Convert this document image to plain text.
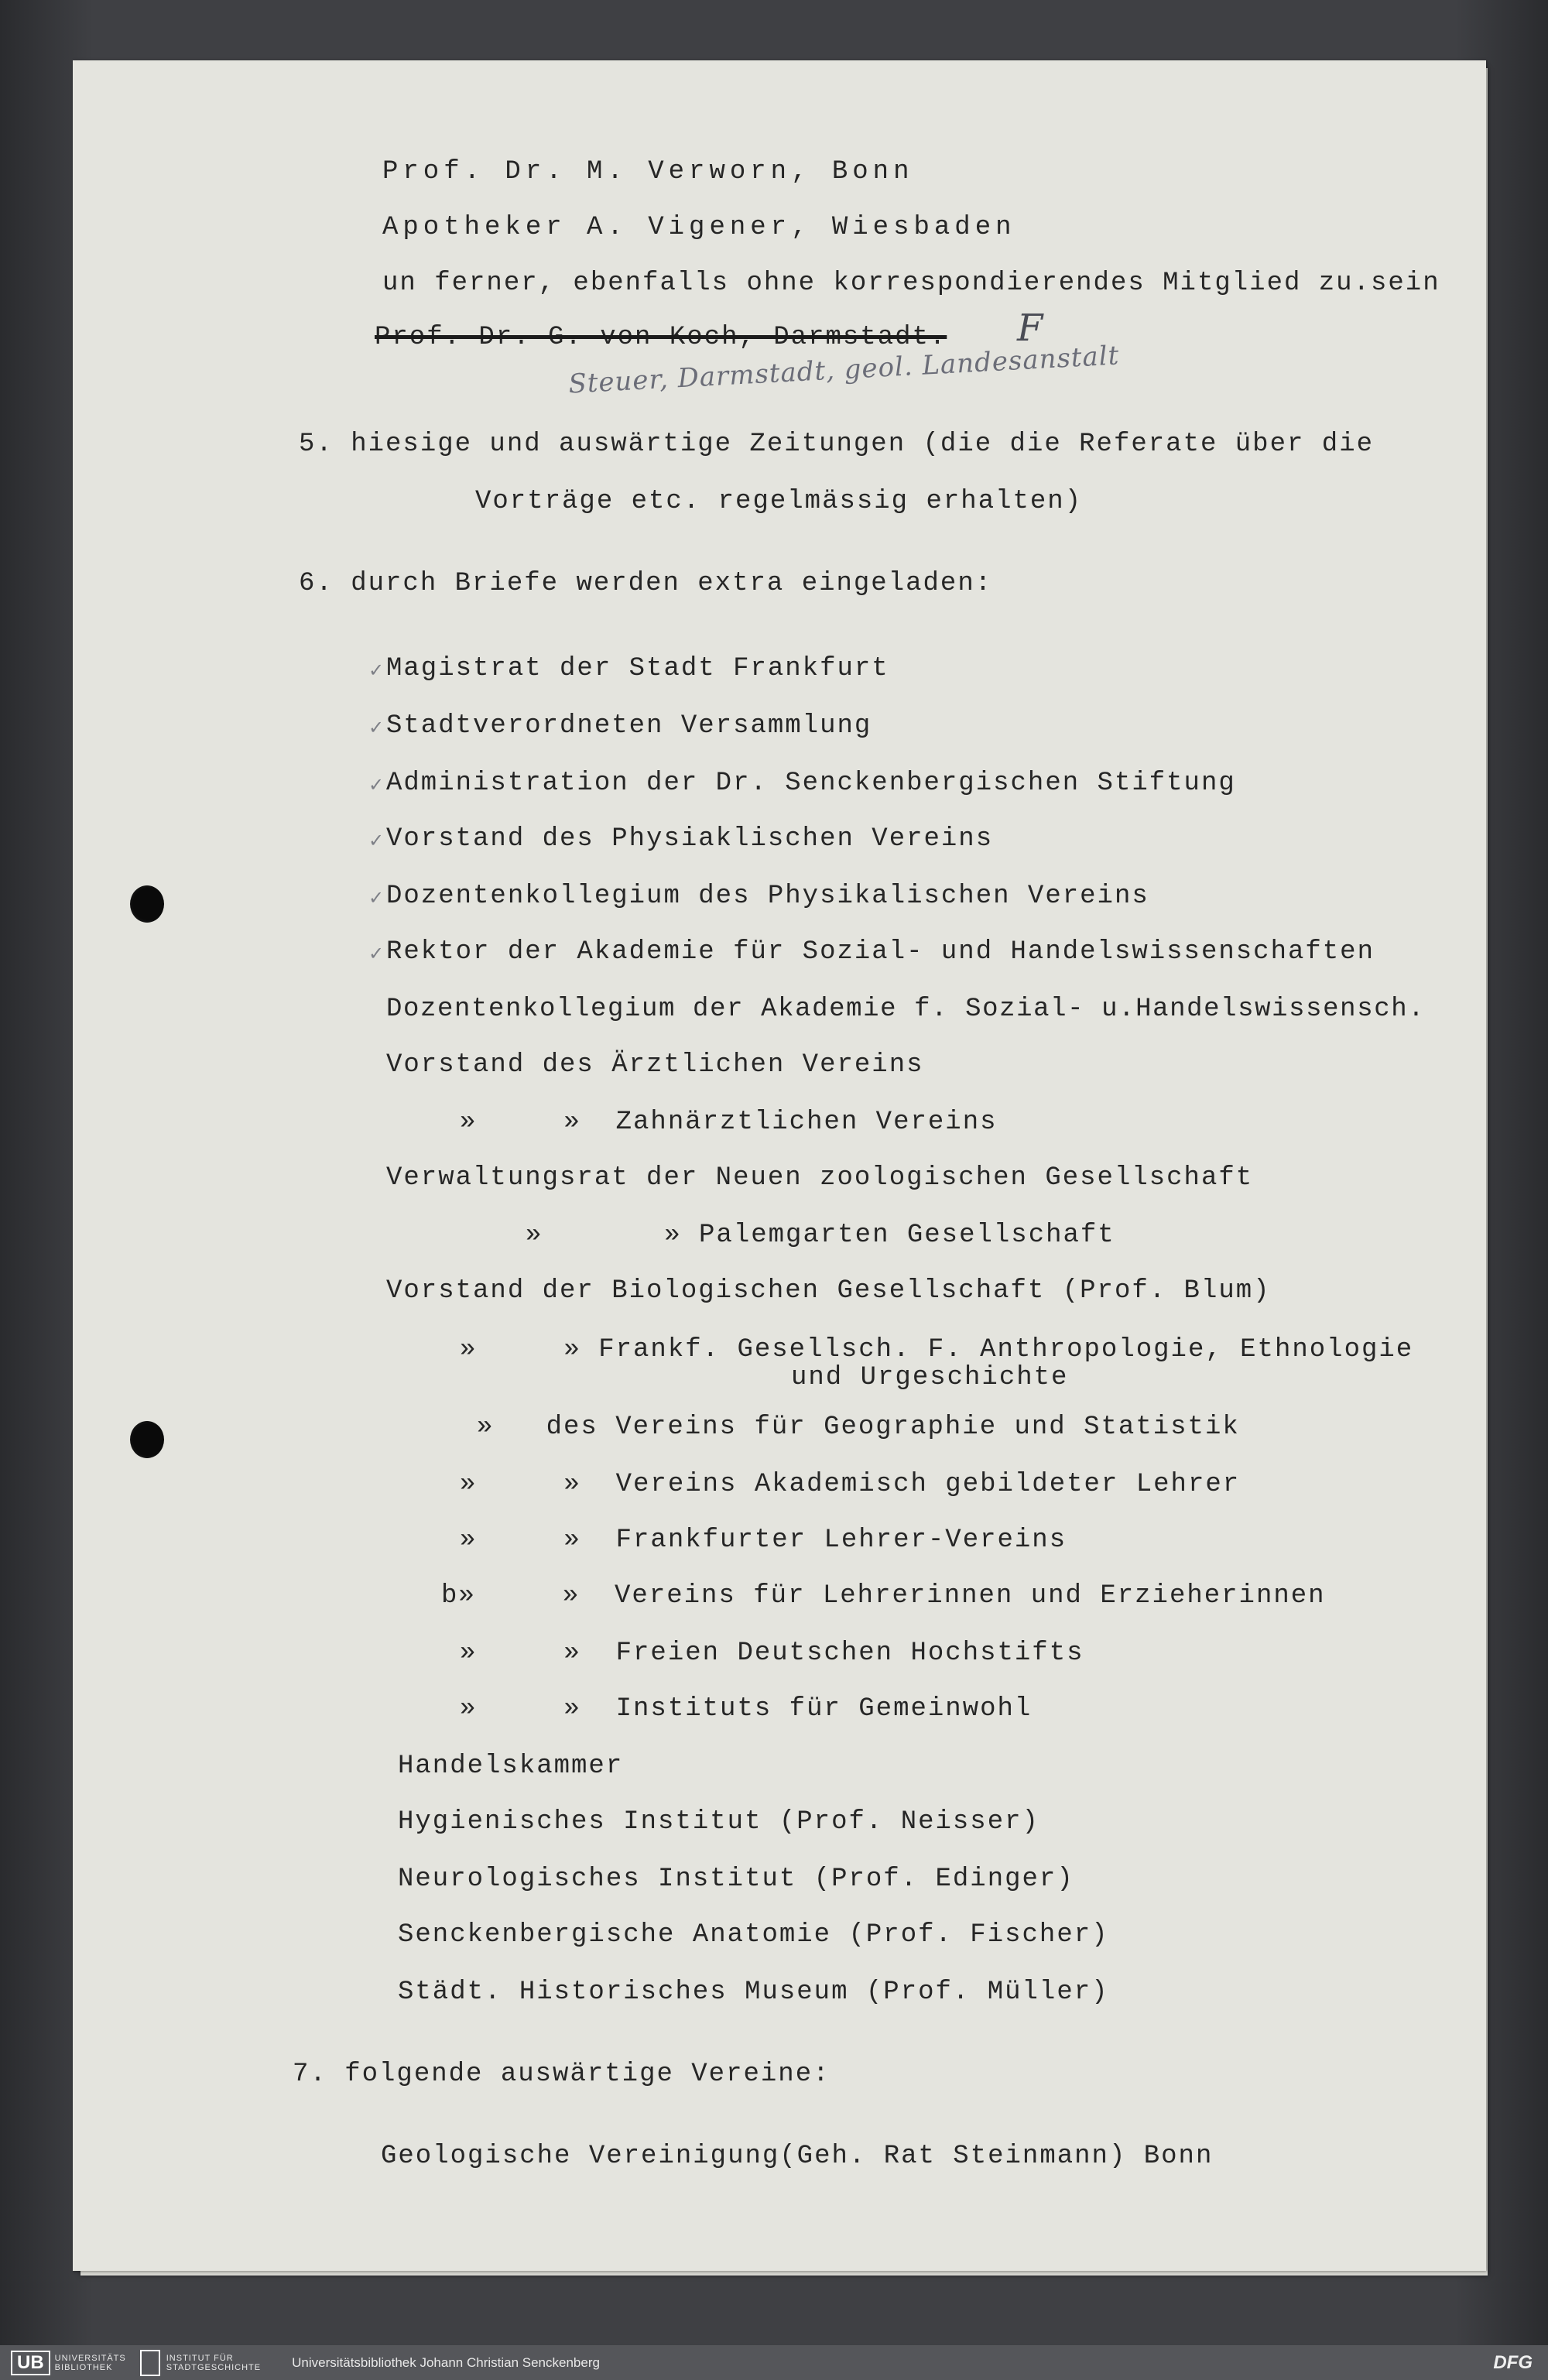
Prof. Dr. M. Verworn, Bonn
Apotheker A. Vigener, Wiesbaden
un ferner, ebenfalls ohne korrespondierendes Mitglied zu.sein
Prof. Dr. G. von Koch, Darmstadt. F
Steuer, Darmstadt, geol. Landesanstalt
5. hiesige und auswärtige Zeitungen (die die Referate über die
Vorträge etc. regelmässig erhalten)
6. durch Briefe werden extra eingeladen:
✓ Magistrat der Stadt Frankfurt
✓ Stadtverordneten Versammlung
✓ Administration der Dr. Senckenbergischen Stiftung
✓ Vorstand des Physiaklischen Vereins
✓ Dozentenkollegium des Physikalischen Vereins
✓ Rektor der Akademie für Sozial- und Handelswissenschaften
Dozentenkollegium der Akademie f. Sozial- u.Handelswissensch.
Vorstand des Ärztlichen Vereins
»     »  Zahnärztlichen Vereins
Verwaltungsrat der Neuen zoologischen Gesellschaft
»       » Palemgarten Gesellschaft
Vorstand der Biologischen Gesellschaft (Prof. Blum)
»     » Frankf. Gesellsch. F. Anthropologie, Ethnologie
und Urgeschichte
»   des Vereins für Geographie und Statistik
»     »  Vereins Akademisch gebildeter Lehrer
»     »  Frankfurter Lehrer-Vereins
b»     »  Vereins für Lehrerinnen und Erzieherinnen
»     »  Freien Deutschen Hochstifts
»     »  Instituts für Gemeinwohl
Handelskammer
Hygienisches Institut (Prof. Neisser)
Neurologisches Institut (Prof. Edinger)
Senckenbergische Anatomie (Prof. Fischer)
Städt. Historisches Museum (Prof. Müller)
7. folgende auswärtige Vereine:
Geologische Vereinigung(Geh. Rat Steinmann) Bonn
UB	UNIVERSITÄTS
BIBLIOTHEK
INSTITUT FÜR
STADTGESCHICHTE Universitätsbibliothek Johann Christian Senckenberg	DFG
